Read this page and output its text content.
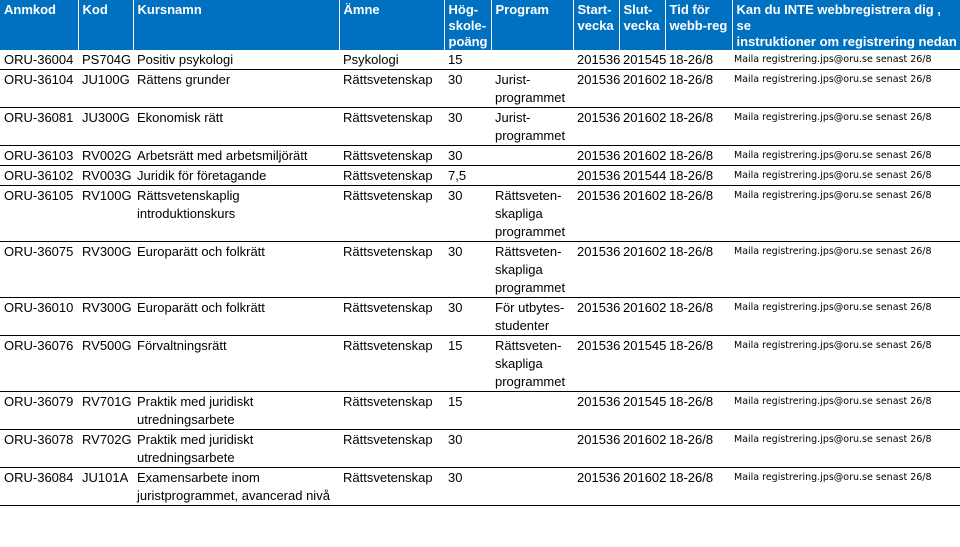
Anmkod	Kod	Kursnamn	Ämne	Hög-
skole-
poäng	Program	Start-
vecka	Slut-
vecka	Tid för
webb-reg	Kan du INTE webbregistrera dig , se
instruktioner om registrering nedan
ORU-36004	PS704G	Positiv psykologi	Psykologi	15		201536	201545	18-26/8	Maila registrering.jps@oru.se senast 26/8
ORU-36104	JU100G	Rättens grunder	Rättsvetenskap	30	Jurist-
programmet	201536	201602	18-26/8	Maila registrering.jps@oru.se senast 26/8
ORU-36081	JU300G	Ekonomisk rätt	Rättsvetenskap	30	Jurist-
programmet	201536	201602	18-26/8	Maila registrering.jps@oru.se senast 26/8
ORU-36103	RV002G	Arbetsrätt med arbetsmiljörätt	Rättsvetenskap	30		201536	201602	18-26/8	Maila registrering.jps@oru.se senast 26/8
ORU-36102	RV003G	Juridik för företagande	Rättsvetenskap	7,5		201536	201544	18-26/8	Maila registrering.jps@oru.se senast 26/8
ORU-36105	RV100G	Rättsvetenskaplig introduktionskurs	Rättsvetenskap	30	Rättsveten-
skapliga
programmet	201536	201602	18-26/8	Maila registrering.jps@oru.se senast 26/8
ORU-36075	RV300G	Europarätt och folkrätt	Rättsvetenskap	30	Rättsveten-
skapliga
programmet	201536	201602	18-26/8	Maila registrering.jps@oru.se senast 26/8
ORU-36010	RV300G	Europarätt och folkrätt	Rättsvetenskap	30	För utbytes-
studenter	201536	201602	18-26/8	Maila registrering.jps@oru.se senast 26/8
ORU-36076	RV500G	Förvaltningsrätt	Rättsvetenskap	15	Rättsveten-
skapliga
programmet	201536	201545	18-26/8	Maila registrering.jps@oru.se senast 26/8
ORU-36079	RV701G	Praktik med juridiskt
utredningsarbete	Rättsvetenskap	15		201536	201545	18-26/8	Maila registrering.jps@oru.se senast 26/8
ORU-36078	RV702G	Praktik med juridiskt
utredningsarbete	Rättsvetenskap	30		201536	201602	18-26/8	Maila registrering.jps@oru.se senast 26/8
ORU-36084	JU101A	Examensarbete inom
juristprogrammet, avancerad nivå	Rättsvetenskap	30		201536	201602	18-26/8	Maila registrering.jps@oru.se senast 26/8
